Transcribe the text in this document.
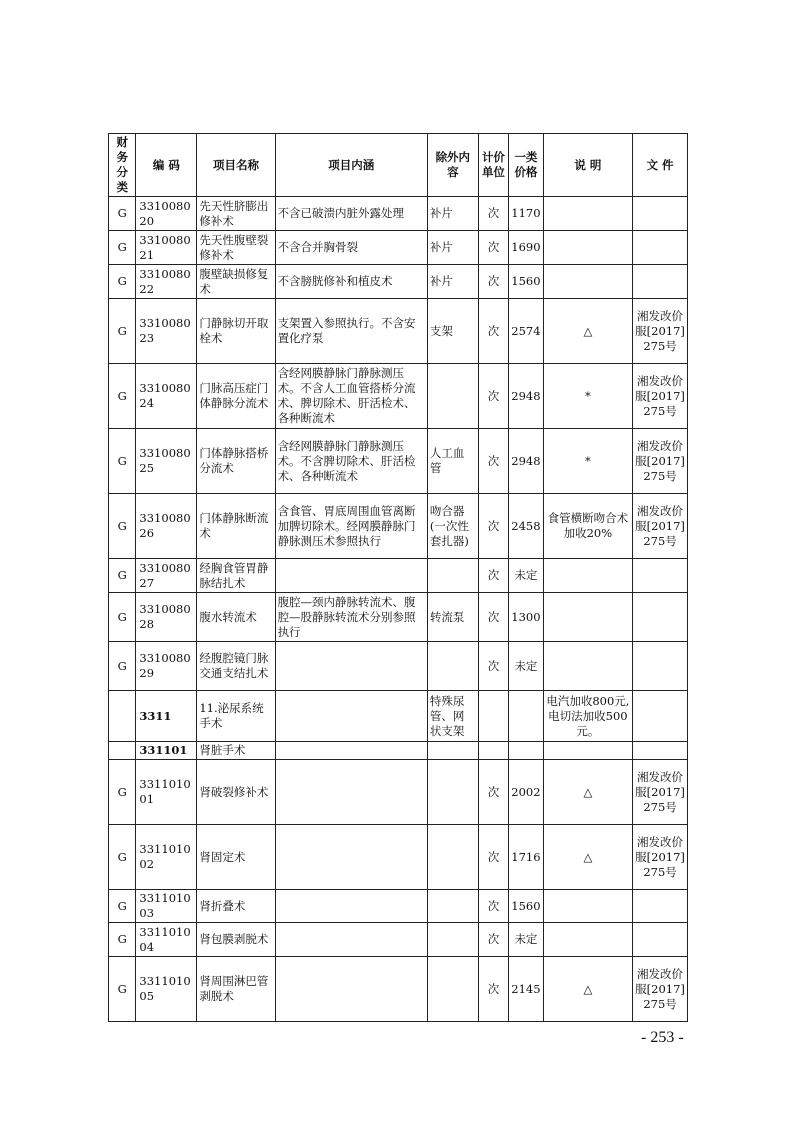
财务分类	编 码	项目名称	项目内涵	除外内容	计价单位	一类价格	说 明	文 件
G	331008020	先天性脐膨出修补术	不含已破溃内脏外露处理	补片	次	1170		
G	331008021	先天性腹壁裂修补术	不含合并胸骨裂	补片	次	1690		
G	331008022	腹壁缺损修复术	不含膀胱修补和植皮术	补片	次	1560		
G	331008023	门静脉切开取栓术	支架置入参照执行。不含安置化疗泵	支架	次	2574	△	湘发改价服[2017]275号
G	331008024	门脉高压症门体静脉分流术	含经网膜静脉门静脉测压术。不含人工血管搭桥分流术、脾切除术、肝活检术、各种断流术		次	2948	*	湘发改价服[2017]275号
G	331008025	门体静脉搭桥分流术	含经网膜静脉门静脉测压术。不含脾切除术、肝活检术、各种断流术	人工血管	次	2948	*	湘发改价服[2017]275号
G	331008026	门体静脉断流术	含食管、胃底周围血管离断加脾切除术。经网膜静脉门静脉测压术参照执行	吻合器(一次性套扎器)	次	2458	食管横断吻合术加收20%	湘发改价服[2017]275号
G	331008027	经胸食管胃静脉结扎术			次	未定		
G	331008028	腹水转流术	腹腔—颈内静脉转流术、腹腔—股静脉转流术分别参照执行	转流泵	次	1300		
G	331008029	经腹腔镜门脉交通支结扎术			次	未定		
	3311	11.泌尿系统手术		特殊尿管、网状支架			电汽加收800元,电切法加收500元。	
	331101	肾脏手术						
G	331101001	肾破裂修补术			次	2002	△	湘发改价服[2017]275号
G	331101002	肾固定术			次	1716	△	湘发改价服[2017]275号
G	331101003	肾折叠术			次	1560		
G	331101004	肾包膜剥脱术			次	未定		
G	331101005	肾周围淋巴管剥脱术			次	2145	△	湘发改价服[2017]275号
- 253 -
